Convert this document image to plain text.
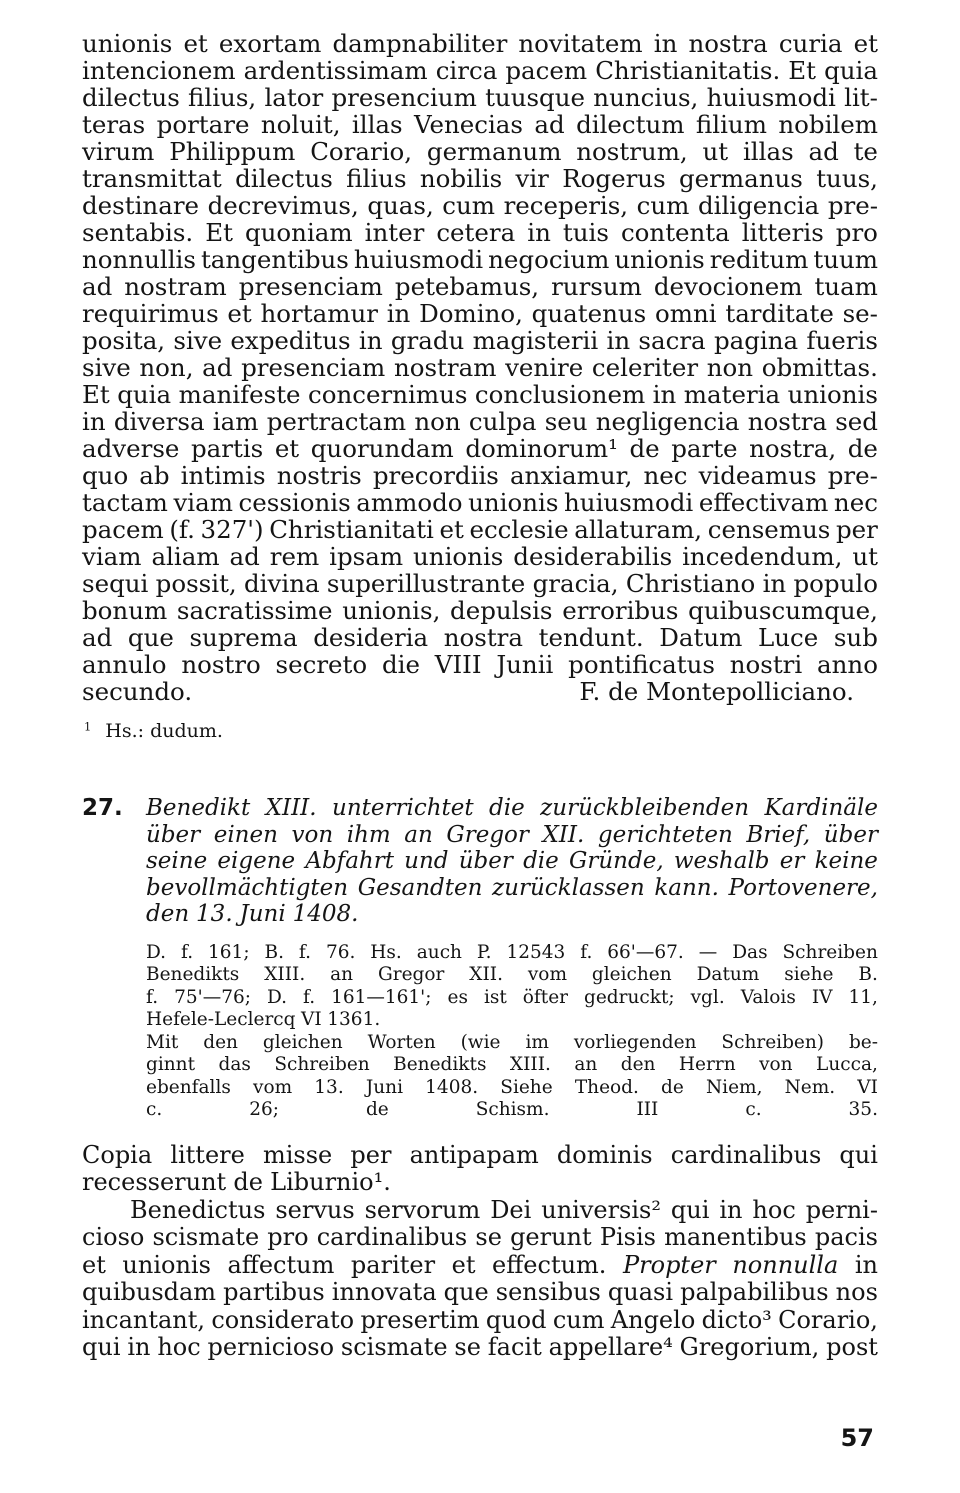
unionis et exortam dampnabiliter novitatem in nostra curia et
intencionem ardentissimam circa pacem Christianitatis. Et quia
dilectus filius, lator presencium tuusque nuncius, huiusmodi lit-
teras portare noluit, illas Venecias ad dilectum filium nobilem
virum Philippum Corario, germanum nostrum, ut illas ad te
transmittat dilectus filius nobilis vir Rogerus germanus tuus,
destinare decrevimus, quas, cum receperis, cum diligencia pre-
sentabis. Et quoniam inter cetera in tuis contenta litteris pro
nonnullis tangentibus huiusmodi negocium unionis reditum tuum
ad nostram presenciam petebamus, rursum devocionem tuam
requirimus et hortamur in Domino, quatenus omni tarditate se-
posita, sive expeditus in gradu magisterii in sacra pagina fueris
sive non, ad presenciam nostram venire celeriter non obmittas.
Et quia manifeste concernimus conclusionem in materia unionis
in diversa iam pertractam non culpa seu negligencia nostra sed
adverse partis et quorundam dominorum¹ de parte nostra, de
quo ab intimis nostris precordiis anxiamur, nec videamus pre-
tactam viam cessionis ammodo unionis huiusmodi effectivam nec
pacem (f. 327') Christianitati et ecclesie allaturam, censemus per
viam aliam ad rem ipsam unionis desiderabilis incedendum, ut
sequi possit, divina superillustrante gracia, Christiano in populo
bonum sacratissime unionis, depulsis erroribus quibuscumque,
ad que suprema desideria nostra tendunt. Datum Luce sub
annulo nostro secreto die VIII Junii pontificatus nostri anno
secundo.	F. de Montepolliciano.
$^1$ Hs.: dudum.
27.	Benedikt XIII. unterrichtet die zurückbleibenden Kardinäle
über einen von ihm an Gregor XII. gerichteten Brief, über
seine eigene Abfahrt und über die Gründe, weshalb er keine
bevollmächtigten Gesandten zurücklassen kann. Portovenere,
den 13. Juni 1408.
D. f. 161; B. f. 76. Hs. auch P. 12543 f. 66'—67. — Das Schreiben
Benedikts XIII. an Gregor XII. vom gleichen Datum siehe B.
f. 75'—76; D. f. 161—161'; es ist öfter gedruckt; vgl. Valois IV 11,
Hefele-Leclercq VI 1361.
Mit den gleichen Worten (wie im vorliegenden Schreiben) be-
ginnt das Schreiben Benedikts XIII. an den Herrn von Lucca,
ebenfalls vom 13. Juni 1408. Siehe Theod. de Niem, Nem. VI
c.	26;	de	Schism.	III	c.	35.
Copia littere misse per antipapam dominis cardinalibus qui
recesserunt de Liburnio¹.
Benedictus servus servorum Dei universis² qui in hoc perni-
cioso scismate pro cardinalibus se gerunt Pisis manentibus pacis
et unionis affectum pariter et effectum. Propter nonnulla in
quibusdam partibus innovata que sensibus quasi palpabilibus nos
incantant, considerato presertim quod cum Angelo dicto³ Corario,
qui in hoc pernicioso scismate se facit appellare⁴ Gregorium, post
57
